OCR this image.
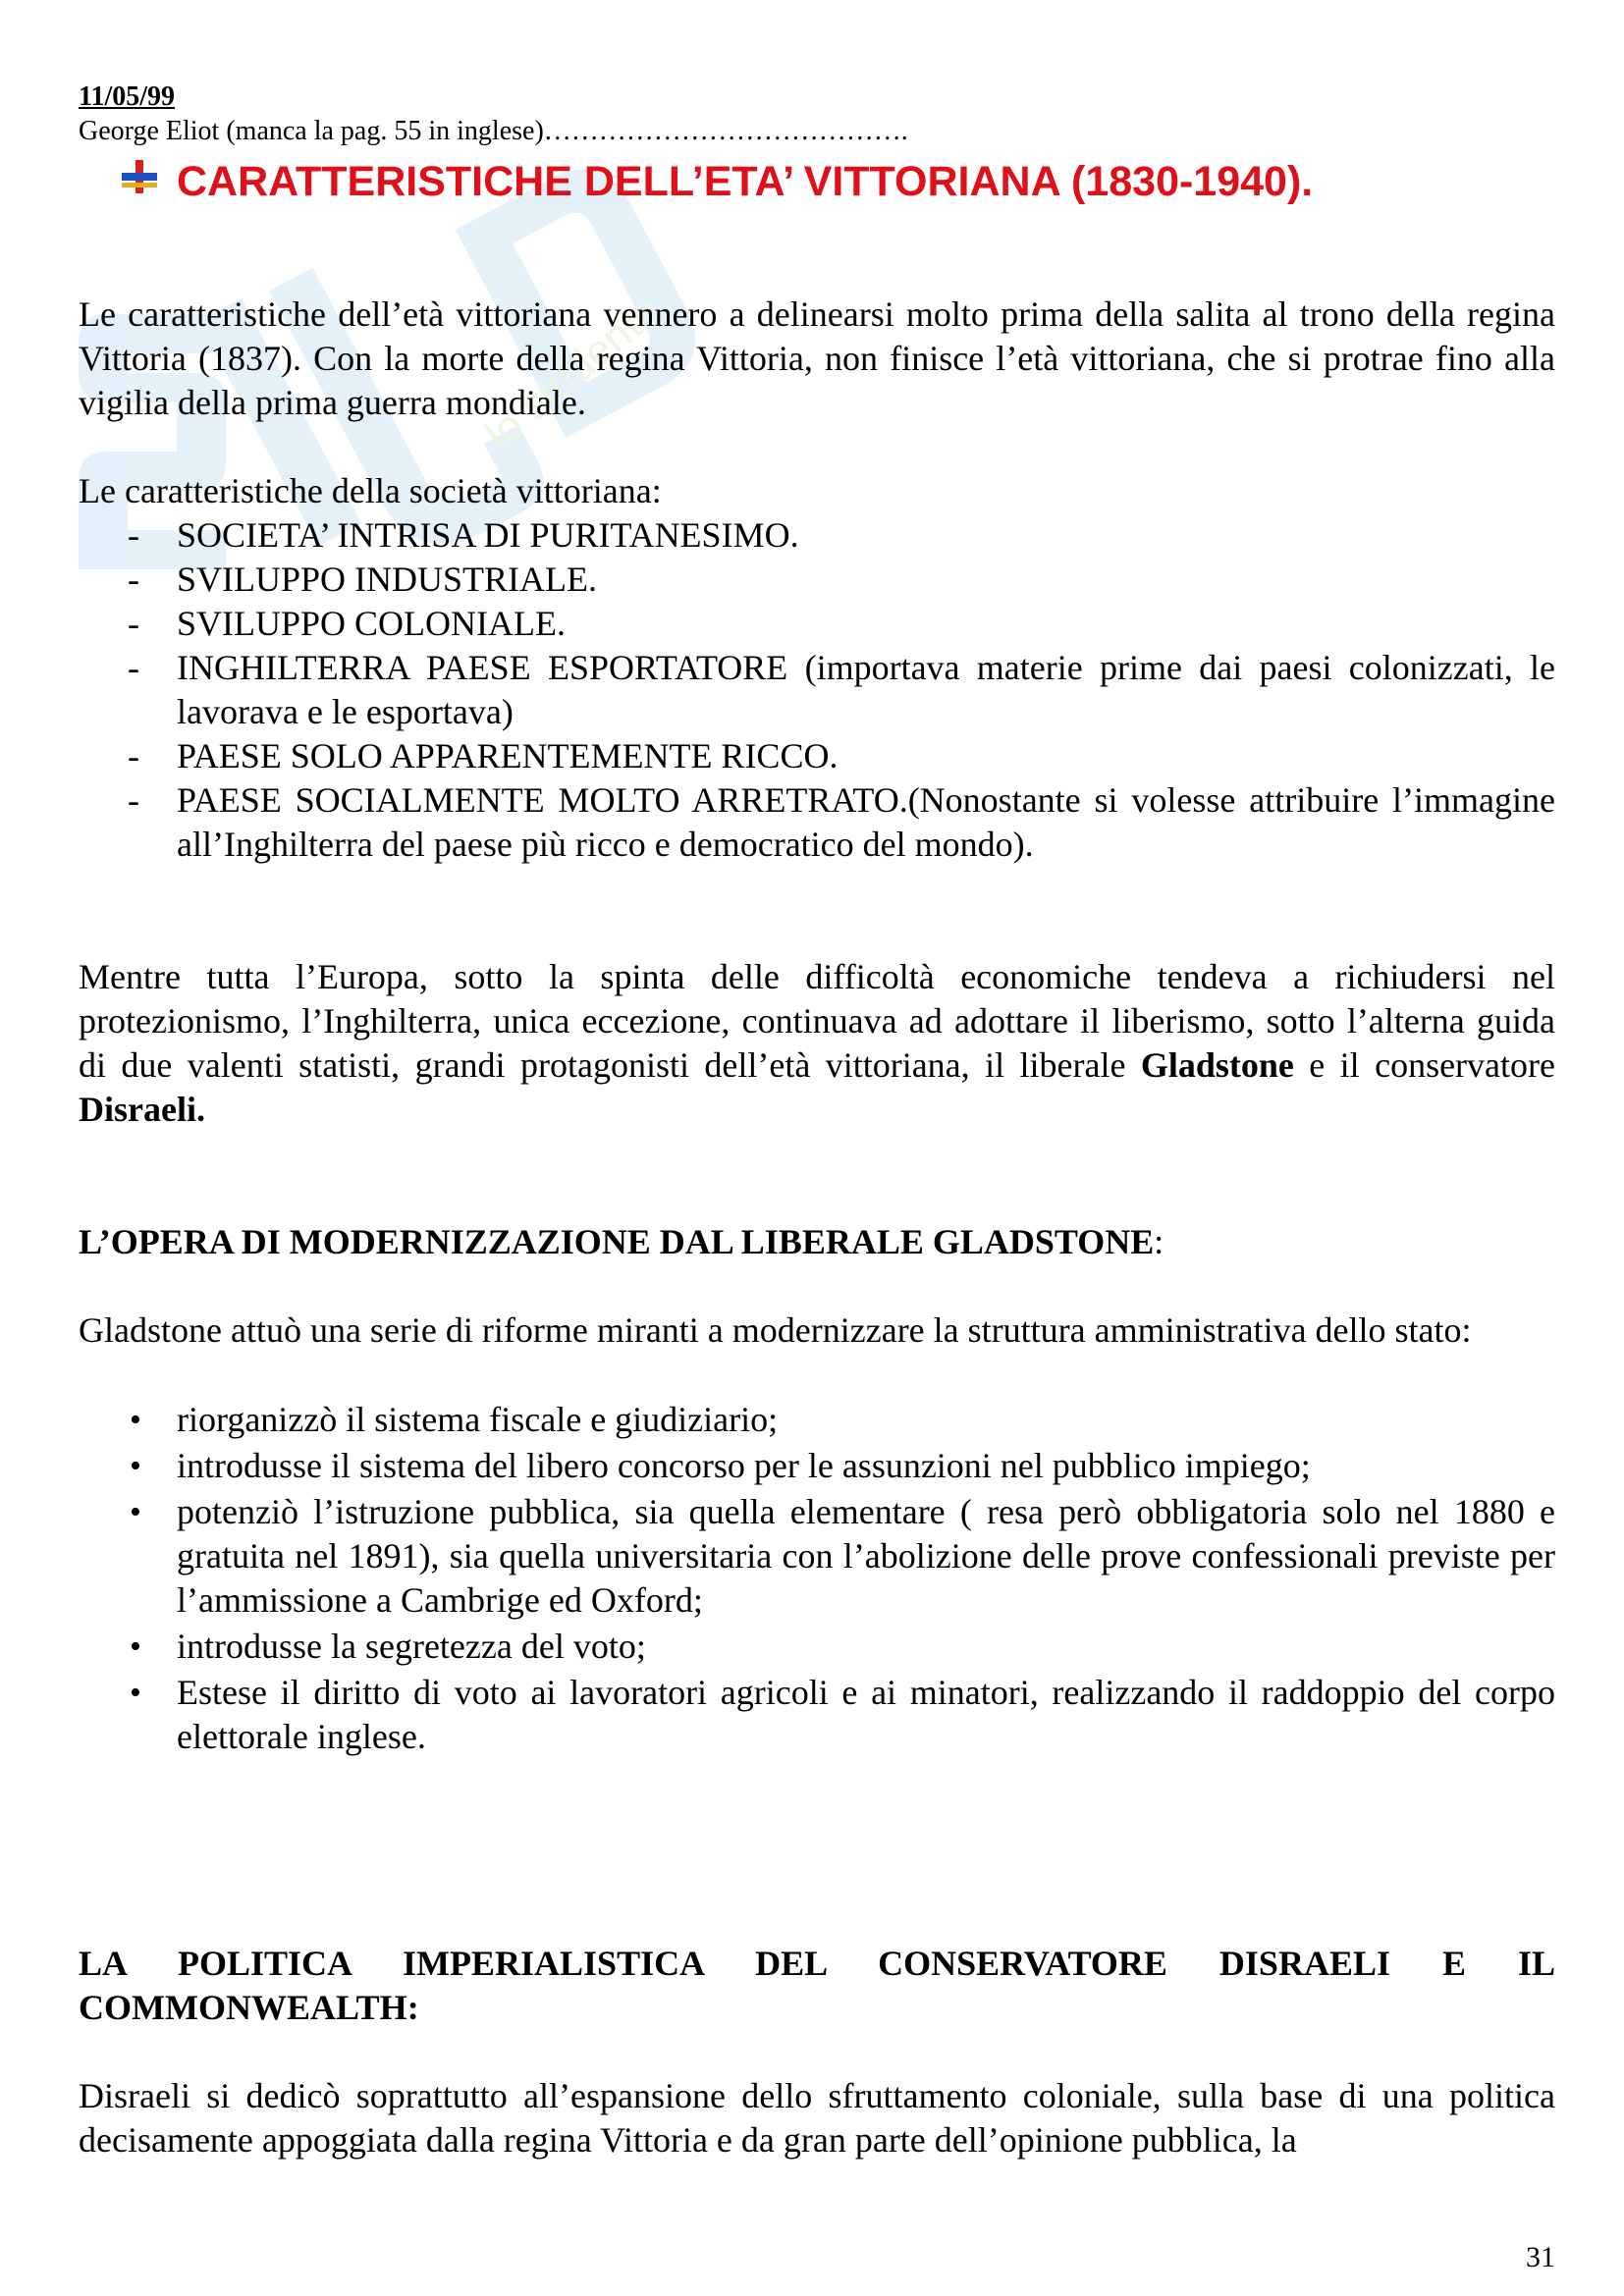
lo studente
11/05/99
George Eliot (manca la pag. 55 in inglese)………………………………….
CARATTERISTICHE DELL’ETA’ VITTORIANA (1830-1940).

Le caratteristiche dell’età vittoriana vennero a delinearsi molto prima della salita al trono della regina Vittoria (1837). Con la morte della regina Vittoria, non finisce l’età vittoriana, che si protrae fino alla vigilia della prima guerra mondiale.

Le caratteristiche della società vittoriana:

- SOCIETA’ INTRISA DI PURITANESIMO.
- SVILUPPO INDUSTRIALE.
- SVILUPPO COLONIALE.
- INGHILTERRA PAESE ESPORTATORE (importava materie prime dai paesi colonizzati, le lavorava e le esportava)
- PAESE SOLO APPARENTEMENTE RICCO.
- PAESE SOCIALMENTE MOLTO ARRETRATO.(Nonostante si volesse attribuire l’immagine all’Inghilterra del paese più ricco e democratico del mondo).

Mentre tutta l’Europa, sotto la spinta delle difficoltà economiche tendeva a richiudersi nel protezionismo, l’Inghilterra, unica eccezione, continuava ad adottare il liberismo, sotto l’alterna guida di due valenti statisti, grandi protagonisti dell’età vittoriana, il liberale Gladstone e il conservatore Disraeli.

L’OPERA DI MODERNIZZAZIONE DAL LIBERALE GLADSTONE:

Gladstone attuò una serie di riforme miranti a modernizzare la struttura amministrativa dello stato:

• riorganizzò il sistema fiscale e giudiziario;
• introdusse il sistema del libero concorso per le assunzioni nel pubblico impiego;
• potenziò l’istruzione pubblica, sia quella elementare ( resa però obbligatoria solo nel 1880 e gratuita nel 1891), sia quella universitaria con l’abolizione delle prove confessionali previste per l’ammissione a Cambrige ed Oxford;
• introdusse la segretezza del voto;
• Estese il diritto di voto ai lavoratori agricoli e ai minatori, realizzando il raddoppio del corpo elettorale inglese.

LA POLITICA IMPERIALISTICA DEL CONSERVATORE DISRAELI E IL COMMONWEALTH:

Disraeli si dedicò soprattutto all’espansione dello sfruttamento coloniale, sulla base di una politica decisamente appoggiata dalla regina Vittoria e da gran parte dell’opinione pubblica, la

31
